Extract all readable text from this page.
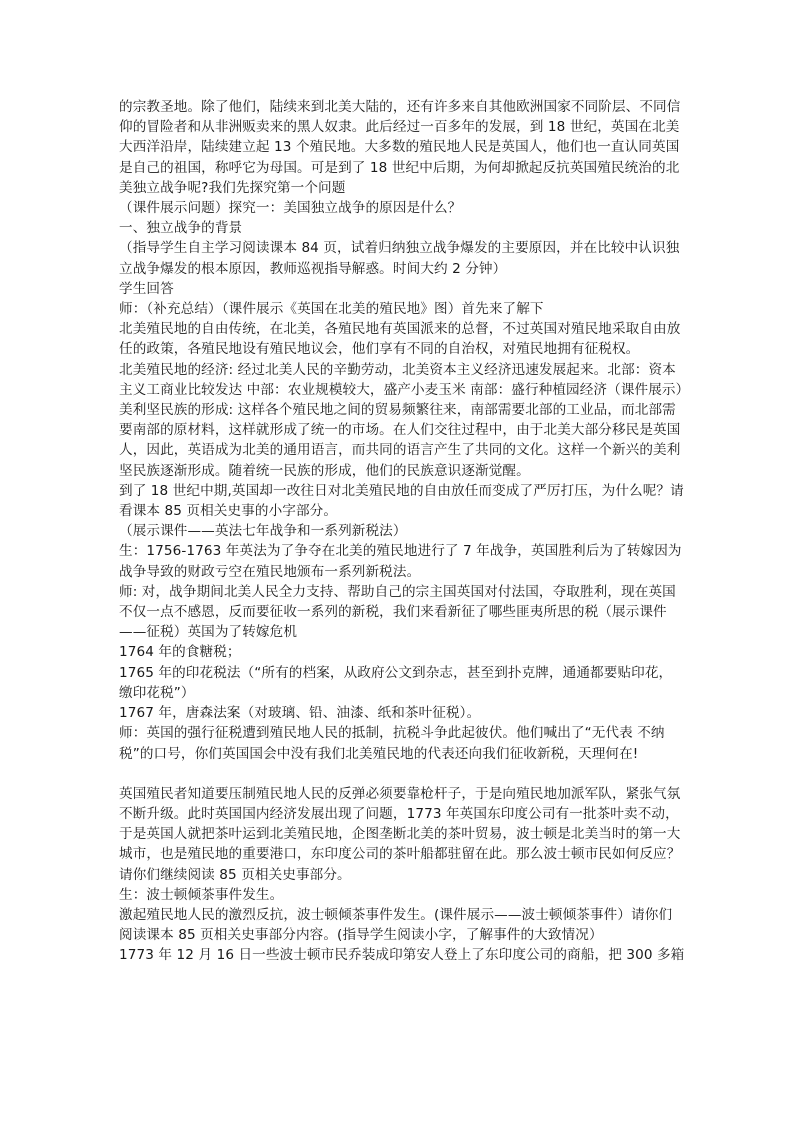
的宗教圣地。除了他们，陆续来到北美大陆的，还有许多来自其他欧洲国家不同阶层、不同信仰的冒险者和从非洲贩卖来的黑人奴隶。此后经过一百多年的发展，到 18 世纪，英国在北美大西洋沿岸，陆续建立起 13 个殖民地。大多数的殖民地人民是英国人，他们也一直认同英国是自己的祖国，称呼它为母国。可是到了 18 世纪中后期，为何却掀起反抗英国殖民统治的北美独立战争呢?我们先探究第一个问题

（课件展示问题）探究一：美国独立战争的原因是什么？

一、独立战争的背景

（指导学生自主学习阅读课本 84 页，试着归纳独立战争爆发的主要原因，并在比较中认识独立战争爆发的根本原因，教师巡视指导解惑。时间大约 2 分钟）

学生回答

师：（补充总结）（课件展示《英国在北美的殖民地》图）首先来了解下

北美殖民地的自由传统，在北美，各殖民地有英国派来的总督，不过英国对殖民地采取自由放任的政策，各殖民地设有殖民地议会，他们享有不同的自治权，对殖民地拥有征税权。

北美殖民地的经济: 经过北美人民的辛勤劳动，北美资本主义经济迅速发展起来。北部：资本主义工商业比较发达 中部：农业规模较大，盛产小麦玉米 南部：盛行种植园经济（课件展示）

美利坚民族的形成: 这样各个殖民地之间的贸易频繁往来，南部需要北部的工业品，而北部需要南部的原材料，这样就形成了统一的市场。在人们交往过程中，由于北美大部分移民是英国人，因此，英语成为北美的通用语言，而共同的语言产生了共同的文化。这样一个新兴的美利坚民族逐渐形成。随着统一民族的形成，他们的民族意识逐渐觉醒。

到了 18 世纪中期,英国却一改往日对北美殖民地的自由放任而变成了严厉打压，为什么呢？请看课本 85 页相关史事的小字部分。

（展示课件——英法七年战争和一系列新税法）

生：1756-1763 年英法为了争夺在北美的殖民地进行了 7 年战争，英国胜利后为了转嫁因为战争导致的财政亏空在殖民地颁布一系列新税法。

师: 对，战争期间北美人民全力支持、帮助自己的宗主国英国对付法国，夺取胜利，现在英国不仅一点不感恩，反而要征收一系列的新税，我们来看新征了哪些匪夷所思的税（展示课件——征税）英国为了转嫁危机

1764 年的食糖税；

1765 年的印花税法（“所有的档案，从政府公文到杂志，甚至到扑克牌，通通都要贴印花，缴印花税”）

1767 年，唐森法案（对玻璃、铅、油漆、纸和茶叶征税）。

师：英国的强行征税遭到殖民地人民的抵制，抗税斗争此起彼伏。他们喊出了“无代表 不纳税”的口号，你们英国国会中没有我们北美殖民地的代表还向我们征收新税，天理何在!

英国殖民者知道要压制殖民地人民的反弹必须要靠枪杆子，于是向殖民地加派军队，紧张气氛不断升级。此时英国国内经济发展出现了问题，1773 年英国东印度公司有一批茶叶卖不动，于是英国人就把茶叶运到北美殖民地，企图垄断北美的茶叶贸易，波士顿是北美当时的第一大城市，也是殖民地的重要港口，东印度公司的茶叶船都驻留在此。那么波士顿市民如何反应？请你们继续阅读 85 页相关史事部分。

生：波士顿倾茶事件发生。

激起殖民地人民的激烈反抗，波士顿倾茶事件发生。(课件展示——波士顿倾茶事件）请你们阅读课本 85 页相关史事部分内容。(指导学生阅读小字，了解事件的大致情况）

1773 年 12 月 16 日一些波士顿市民乔装成印第安人登上了东印度公司的商船，把 300 多箱
